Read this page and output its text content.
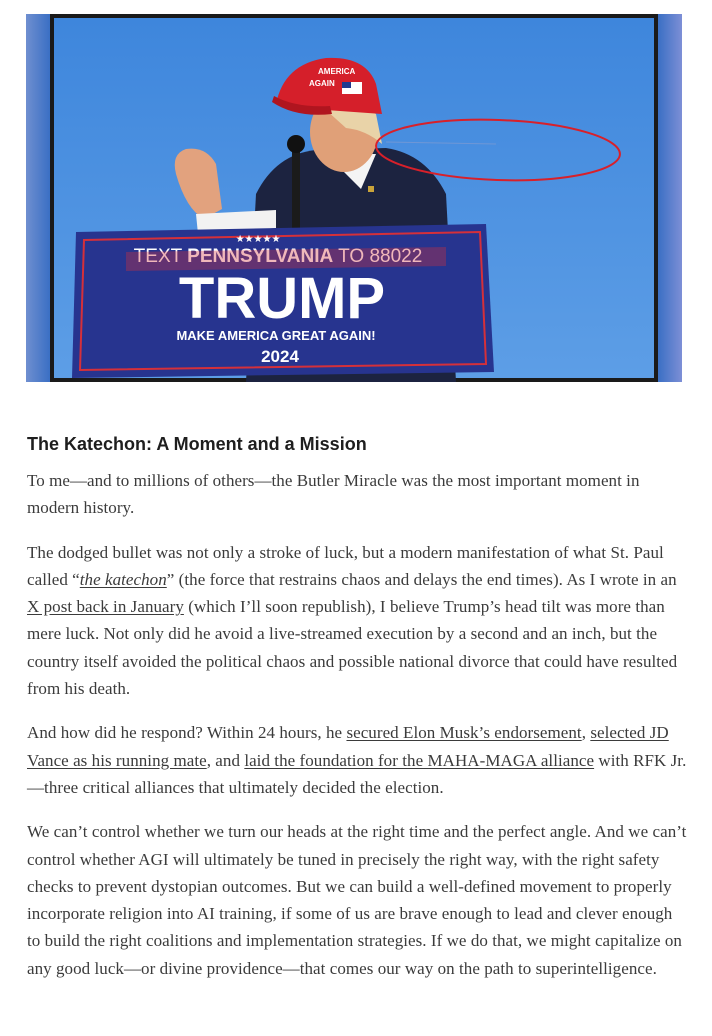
AMERICA
AGAIN
★★★★★
TEXT PENNSYLVANIA TO 88022
TRUMP
MAKE AMERICA GREAT AGAIN!
2024
The Katechon: A Moment and a Mission

To me—and to millions of others—the Butler Miracle was the most important moment in modern history.

The dodged bullet was not only a stroke of luck, but a modern manifestation of what St. Paul called “the katechon” (the force that restrains chaos and delays the end times). As I wrote in an X post back in January (which I’ll soon republish), I believe Trump’s head tilt was more than mere luck. Not only did he avoid a live-streamed execution by a second and an inch, but the country itself avoided the political chaos and possible national divorce that could have resulted from his death.

And how did he respond? Within 24 hours, he secured Elon Musk’s endorsement, selected JD Vance as his running mate, and laid the foundation for the MAHA-MAGA alliance with RFK Jr.—three critical alliances that ultimately decided the election.

We can’t control whether we turn our heads at the right time and the perfect angle. And we can’t control whether AGI will ultimately be tuned in precisely the right way, with the right safety checks to prevent dystopian outcomes. But we can build a well-defined movement to properly incorporate religion into AI training, if some of us are brave enough to lead and clever enough to build the right coalitions and implementation strategies. If we do that, we might capitalize on any good luck—or divine providence—that comes our way on the path to superintelligence.
